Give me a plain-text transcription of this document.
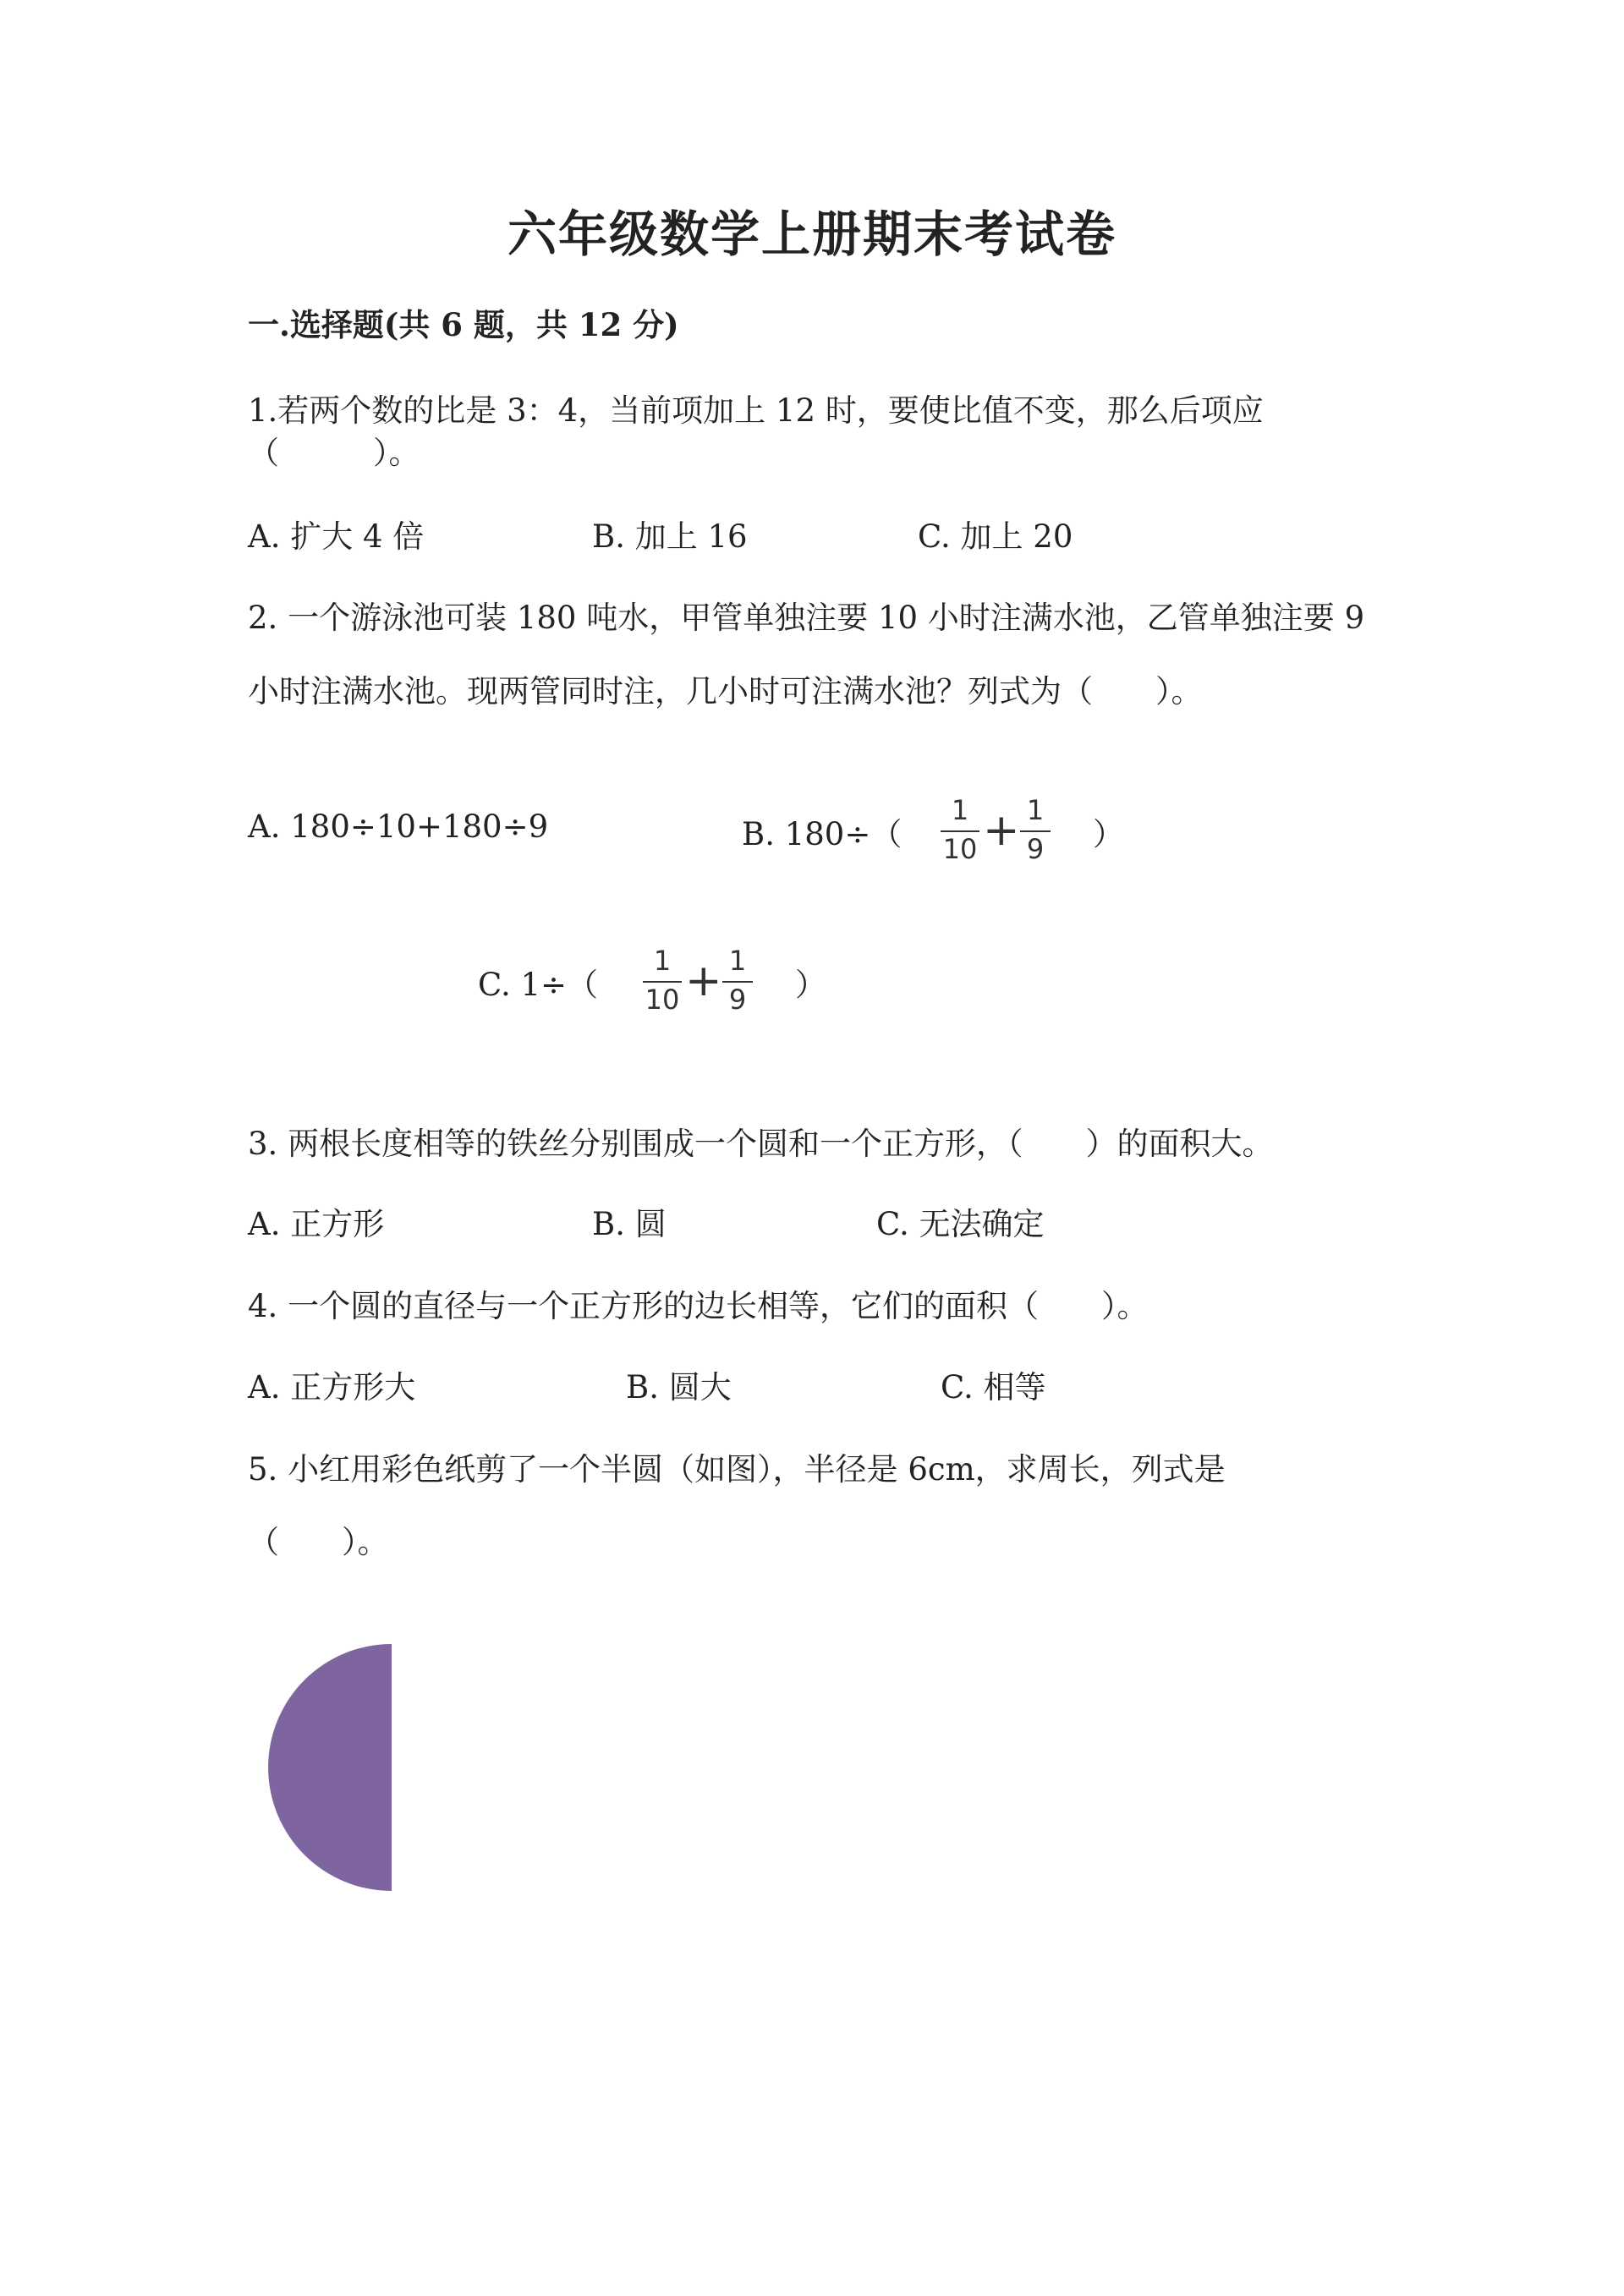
六年级数学上册期末考试卷
一.选择题(共 6 题，共 12 分)
1.若两个数的比是 3：4，当前项加上 12 时，要使比值不变，那么后项应
（　　　）。
A. 扩大 4 倍	B. 加上 16	C. 加上 20
2. 一个游泳池可装 180 吨水，甲管单独注要 10 小时注满水池，乙管单独注要 9
小时注满水池。现两管同时注，几小时可注满水池？列式为（　　）。
A. 180÷10+180÷9	B. 180÷（
1
10 + 1
9 ）
C. 1÷（
1
10 + 1
9 ）
3. 两根长度相等的铁丝分别围成一个圆和一个正方形，（　　）的面积大。
A. 正方形	B. 圆	C. 无法确定
4. 一个圆的直径与一个正方形的边长相等，它们的面积（　　）。
A. 正方形大	B. 圆大	C. 相等
5. 小红用彩色纸剪了一个半圆（如图），半径是 6cm，求周长，列式是
（　　）。
